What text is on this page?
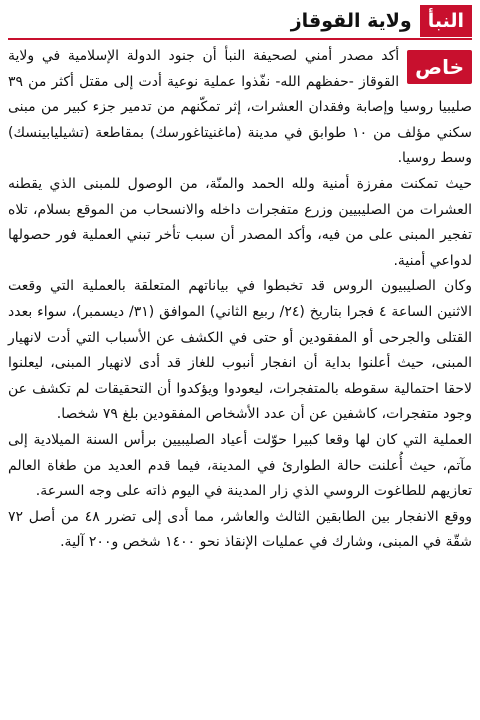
النبأ
ولاية القوقاز
خاص

أكد مصدر أمني لصحيفة النبأ أن جنود الدولة الإسلامية في ولاية القوقاز -حفظهم الله- نفّذوا عملية نوعية أدت إلى مقتل أكثر من ٣٩ صليبيا روسيا وإصابة وفقدان العشرات، إثر تمكّنهم من تدمير جزء كبير من مبنى سكني مؤلف من ١٠ طوابق في مدينة (ماغنيتاغورسك) بمقاطعة (تشيليابينسك) وسط روسيا.

حيث تمكنت مفرزة أمنية ولله الحمد والمنّة، من الوصول للمبنى الذي يقطنه العشرات من الصليبيين وزرع متفجرات داخله والانسحاب من الموقع بسلام، تلاه تفجير المبنى على من فيه، وأكد المصدر أن سبب تأخر تبني العملية فور حصولها لدواعي أمنية.

وكان الصليبيون الروس قد تخبطوا في بياناتهم المتعلقة بالعملية التي وقعت الاثنين الساعة ٤ فجرا بتاريخ (٢٤/ ربيع الثاني) الموافق (٣١/ ديسمبر)، سواء بعدد القتلى والجرحى أو المفقودين أو حتى في الكشف عن الأسباب التي أدت لانهيار المبنى، حيث أعلنوا بداية أن انفجار أنبوب للغاز قد أدى لانهيار المبنى، ليعلنوا لاحقا احتمالية سقوطه بالمتفجرات، ليعودوا ويؤكدوا أن التحقيقات لم تكشف عن وجود متفجرات، كاشفين عن أن عدد الأشخاص المفقودين بلغ ٧٩ شخصا.

العملية التي كان لها وقعا كبيرا حوّلت أعياد الصليبيين برأس السنة الميلادية إلى مآتم، حيث أُعلنت حالة الطوارئ في المدينة، فيما قدم العديد من طغاة العالم تعازيهم للطاغوت الروسي الذي زار المدينة في اليوم ذاته على وجه السرعة.

ووقع الانفجار بين الطابقين الثالث والعاشر، مما أدى إلى تضرر ٤٨ من أصل ٧٢ شقّة في المبنى، وشارك في عمليات الإنقاذ نحو ١٤٠٠ شخص و٢٠٠ آلية.
